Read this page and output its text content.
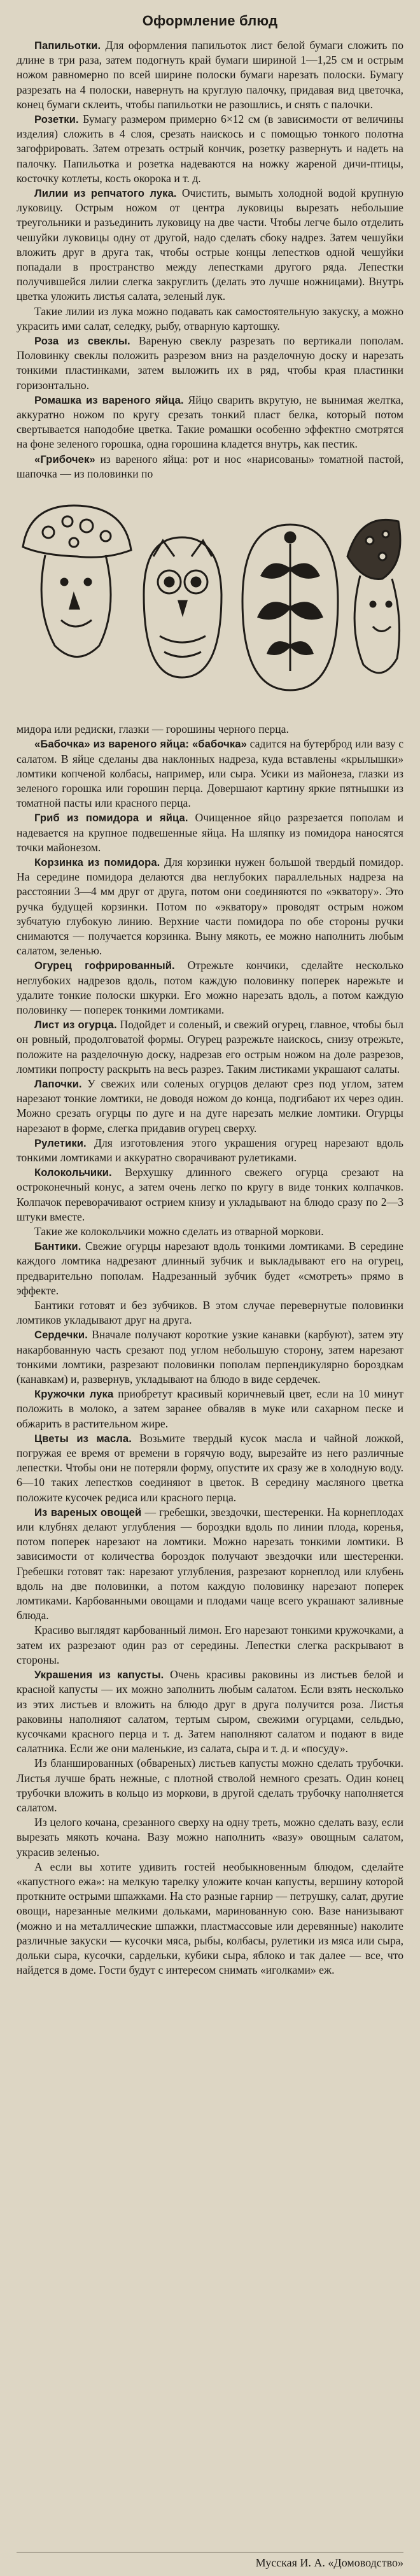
Оформление блюд

Папильотки. Для оформления папильоток лист белой бумаги сложить по длине в три раза, затем подогнуть край бумаги шириной 1—1,25 см и острым ножом равномерно по всей ширине полоски бумаги нарезать полоски. Бумагу разрезать на 4 полоски, навернуть на круглую палочку, придавая вид цветочка, конец бумаги склеить, чтобы папильотки не разошлись, и снять с палочки.

Розетки. Бумагу размером примерно 6×12 см (в зависимости от величины изделия) сложить в 4 слоя, срезать наискось и с помощью тонкого полотна загофрировать. Затем отрезать острый кончик, розетку развернуть и надеть на палочку. Папильотка и розетка надеваются на ножку жареной дичи-птицы, косточку котлеты, кость окорока и т. д.

Лилии из репчатого лука. Очистить, вымыть холодной водой крупную луковицу. Острым ножом от центра луковицы вырезать небольшие треугольники и разъединить луковицу на две части. Чтобы легче было отделить чешуйки луковицы одну от другой, надо сделать сбоку надрез. Затем чешуйки вложить друг в друга так, чтобы острые концы лепестков одной чешуйки попадали в пространство между лепестками другого ряда. Лепестки получившейся лилии слегка закруглить (делать это лучше ножницами). Внутрь цветка уложить листья салата, зеленый лук.

Такие лилии из лука можно подавать как самостоятельную закуску, а можно украсить ими салат, селедку, рыбу, отварную картошку.

Роза из свеклы. Вареную свеклу разрезать по вертикали пополам. Половинку свеклы положить разрезом вниз на разделочную доску и нарезать тонкими пластинками, затем выложить их в ряд, чтобы края пластинки горизонтально.

Ромашка из вареного яйца. Яйцо сварить вкрутую, не вынимая желтка, аккуратно ножом по кругу срезать тонкий пласт белка, который потом свертывается наподобие цветка. Такие ромашки особенно эффектно смотрятся на фоне зеленого горошка, одна горошина кладется внутрь, как пестик.

«Грибочек» из вареного яйца: рот и нос «нарисованы» томатной пастой, шапочка — из половинки по

мидора или редиски, глазки — горошины черного перца.

«Бабочка» из вареного яйца: «бабочка» садится на бутерброд или вазу с салатом. В яйце сделаны два наклонных надреза, куда вставлены «крылышки» ломтики копченой колбасы, например, или сыра. Усики из майонеза, глазки из зеленого горошка или горошин перца. Довершают картину яркие пятнышки из томатной пасты или красного перца.

Гриб из помидора и яйца. Очищенное яйцо разрезается пополам и надевается на крупное подвешенные яйца. На шляпку из помидора наносятся точки майонезом.

Корзинка из помидора. Для корзинки нужен большой твердый помидор. На середине помидора делаются два неглубоких параллельных надреза на расстоянии 3—4 мм друг от друга, потом они соединяются по «экватору». Это ручка будущей корзинки. Потом по «экватору» проводят острым ножом зубчатую глубокую линию. Верхние части помидора по обе стороны ручки снимаются — получается корзинка. Выну мякоть, ее можно наполнить любым салатом, зеленью.

Огурец гофрированный. Отрежьте кончики, сделайте несколько неглубоких надрезов вдоль, потом каждую половинку поперек нарежьте и удалите тонкие полоски шкурки. Его можно нарезать вдоль, а потом каждую половинку — поперек тонкими ломтиками.

Лист из огурца. Подойдет и соленый, и свежий огурец, главное, чтобы был он ровный, продолговатой формы. Огурец разрежьте наискось, снизу отрежьте, положите на разделочную доску, надрезав его острым ножом на доле разрезов, ломтики попросту раскрыть на весь разрез. Таким листиками украшают салаты.

Лапочки. У свежих или соленых огурцов делают срез под углом, затем нарезают тонкие ломтики, не доводя ножом до конца, подгибают их через один. Можно срезать огурцы по дуге и на дуге нарезать мелкие ломтики. Огурцы нарезают в форме, слегка придавив огурец сверху.

Рулетики. Для изготовления этого украшения огурец нарезают вдоль тонкими ломтиками и аккуратно сворачивают рулетиками.

Колокольчики. Верхушку длинного свежего огурца срезают на остроконечный конус, а затем очень легко по кругу в виде тонких колпачков. Колпачок переворачивают острием книзу и укладывают на блюдо сразу по 2—3 штуки вместе.

Такие же колокольчики можно сделать из отварной моркови.

Бантики. Свежие огурцы нарезают вдоль тонкими ломтиками. В середине каждого ломтика надрезают длинный зубчик и выкладывают его на огурец, предварительно пополам. Надрезанный зубчик будет «смотреть» прямо в эффекте.

Бантики готовят и без зубчиков. В этом случае перевернутые половинки ломтиков укладывают друг на друга.

Сердечки. Вначале получают короткие узкие канавки (карбуют), затем эту накарбованную часть срезают под углом небольшую сторону, затем нарезают тонкими ломтики, разрезают половинки пополам перпендикулярно бороздкам (канавкам) и, развернув, укладывают на блюдо в виде сердечек.

Кружочки лука приобретут красивый коричневый цвет, если на 10 минут положить в молоко, а затем заранее обваляв в муке или сахарном песке и обжарить в растительном жире.

Цветы из масла. Возьмите твердый кусок масла и чайной ложкой, погружая ее время от времени в горячую воду, вырезайте из него различные лепестки. Чтобы они не потеряли форму, опустите их сразу же в холодную воду. 6—10 таких лепестков соединяют в цветок. В середину масляного цветка положите кусочек редиса или красного перца.

Из вареных овощей — гребешки, звездочки, шестеренки. На корнеплодах или клубнях делают углубления — бороздки вдоль по линии плода, коренья, потом поперек нарезают на ломтики. Можно нарезать тонкими ломтики. В зависимости от количества бороздок получают звездочки или шестеренки. Гребешки готовят так: нарезают углубления, разрезают корнеплод или клубень вдоль на две половинки, а потом каждую половинку нарезают поперек ломтиками. Карбованными овощами и плодами чаще всего украшают заливные блюда.

Красиво выглядят карбованный лимон. Его нарезают тонкими кружочками, а затем их разрезают один раз от середины. Лепестки слегка раскрывают в стороны.

Украшения из капусты. Очень красивы раковины из листьев белой и красной капусты — их можно заполнить любым салатом. Если взять несколько из этих листьев и вложить на блюдо друг в друга получится роза. Листья раковины наполняют салатом, тертым сыром, свежими огурцами, сельдью, кусочками красного перца и т. д. Затем наполняют салатом и подают в виде салатника. Если же они маленькие, из салата, сыра и т. д. и «посуду».

Из бланшированных (обвареных) листьев капусты можно сделать трубочки. Листья лучше брать нежные, с плотной стволой немного срезать. Один конец трубочки вложить в кольцо из моркови, в другой сделать трубочку наполняется салатом.

Из целого кочана, срезанного сверху на одну треть, можно сделать вазу, если вырезать мякоть кочана. Вазу можно наполнить «вазу» овощным салатом, украсив зеленью.

А если вы хотите удивить гостей необыкновенным блюдом, сделайте «капустного ежа»: на мелкую тарелку уложите кочан капусты, вершину которой проткните острыми шпажками. На сто разные гарнир — петрушку, салат, другие овощи, нарезанные мелкими дольками, маринованную сою. Вазе нанизывают (можно и на металлические шпажки, пластмассовые или деревянные) наколите различные закуски — кусочки мяса, рыбы, колбасы, рулетики из мяса или сыра, дольки сыра, кусочки, сардельки, кубики сыра, яблоко и так далее — все, что найдется в доме. Гости будут с интересом снимать «иголками» еж.

Мусская И. А. «Домоводство»
